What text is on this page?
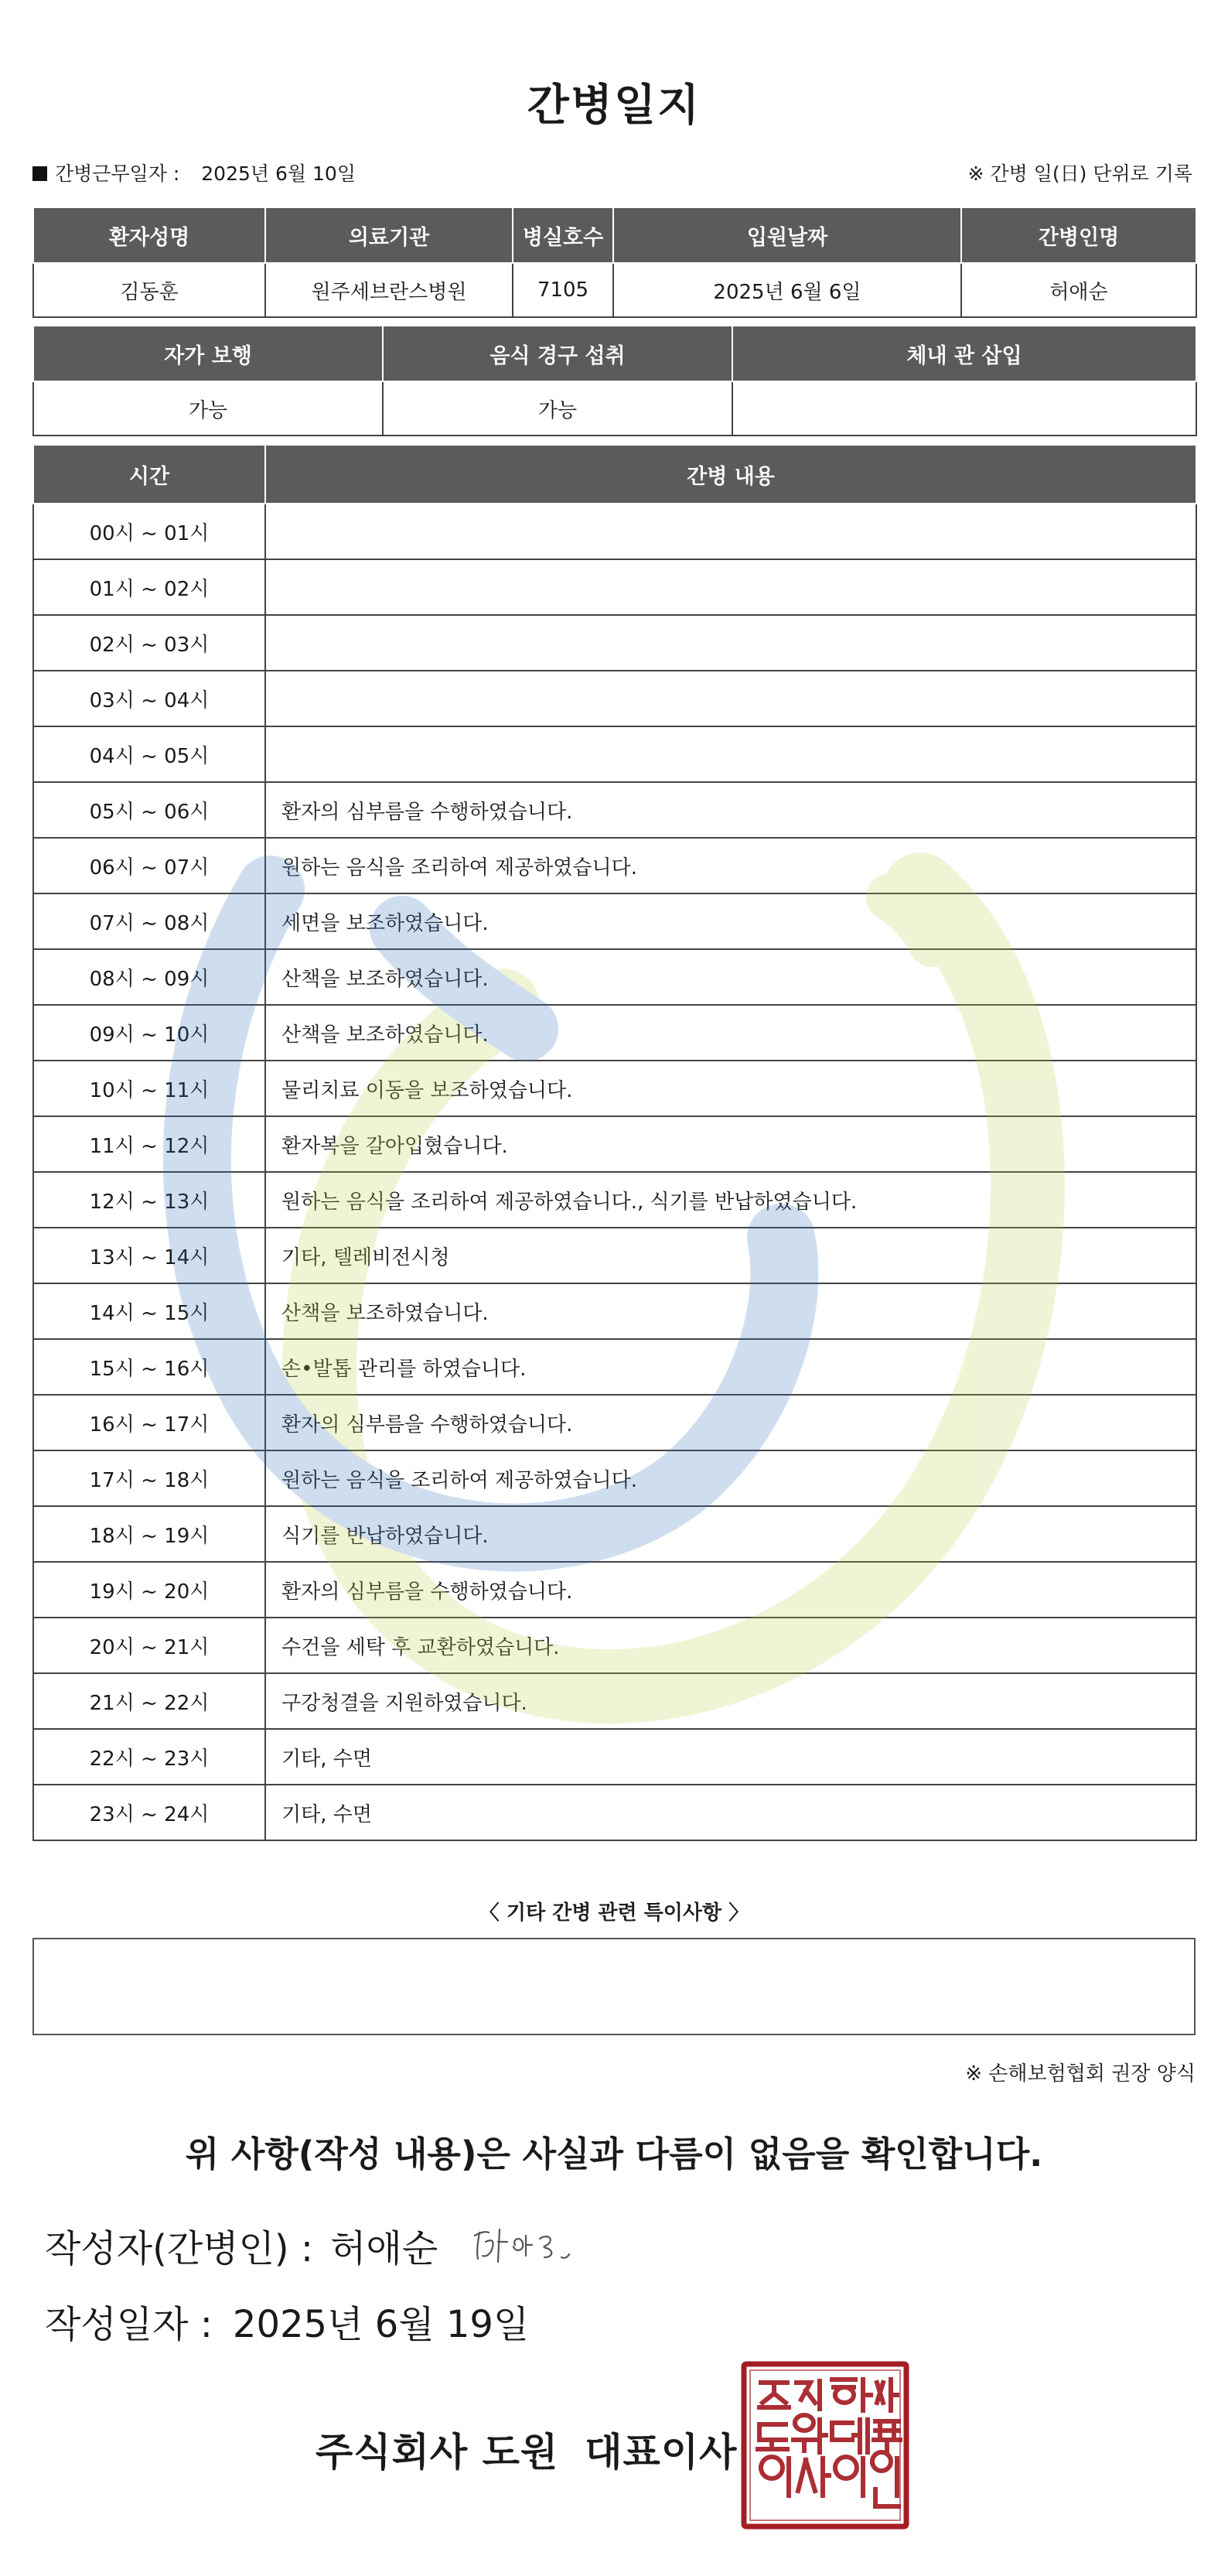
간병일지
간병근무일자 : 2025년 6월 10일	※ 간병 일(日) 단위로 기록
환자성명	의료기관	병실호수	입원날짜	간병인명
김동훈	원주세브란스병원	7105	2025년 6월 6일	허애순
자가 보행	음식 경구 섭취	체내 관 삽입
가능	가능	
시간	간병 내용
00시 ~ 01시	
01시 ~ 02시	
02시 ~ 03시	
03시 ~ 04시	
04시 ~ 05시	
05시 ~ 06시	환자의 심부름을 수행하였습니다.
06시 ~ 07시	원하는 음식을 조리하여 제공하였습니다.
07시 ~ 08시	세면을 보조하였습니다.
08시 ~ 09시	산책을 보조하였습니다.
09시 ~ 10시	산책을 보조하였습니다.
10시 ~ 11시	물리치료 이동을 보조하였습니다.
11시 ~ 12시	환자복을 갈아입혔습니다.
12시 ~ 13시	원하는 음식을 조리하여 제공하였습니다., 식기를 반납하였습니다.
13시 ~ 14시	기타, 텔레비전시청
14시 ~ 15시	산책을 보조하였습니다.
15시 ~ 16시	손•발톱 관리를 하였습니다.
16시 ~ 17시	환자의 심부름을 수행하였습니다.
17시 ~ 18시	원하는 음식을 조리하여 제공하였습니다.
18시 ~ 19시	식기를 반납하였습니다.
19시 ~ 20시	환자의 심부름을 수행하였습니다.
20시 ~ 21시	수건을 세탁 후 교환하였습니다.
21시 ~ 22시	구강청결을 지원하였습니다.
22시 ~ 23시	기타, 수면
23시 ~ 24시	기타, 수면
〈 기타 간병 관련 특이사항 〉
※ 손해보험협회 권장 양식
위 사항(작성 내용)은 사실과 다름이 없음을 확인합니다.
작성자(간병인) : 허애순
작성일자 : 2025년 6월 19일
주식회사 도원 대표이사
